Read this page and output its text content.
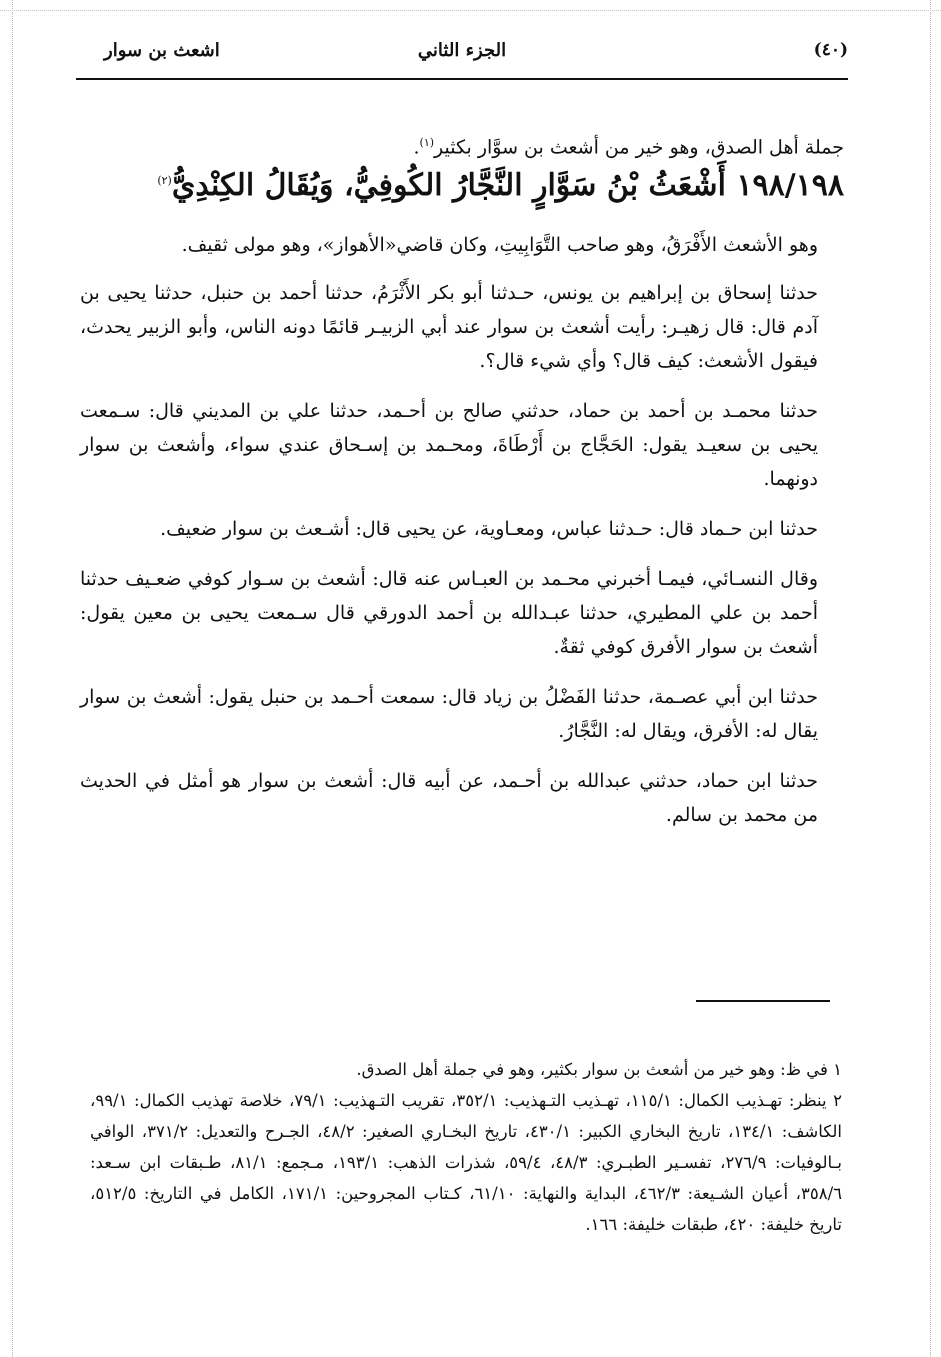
(٤٠)
الجزء الثاني
اشعث بن سوار

جملة أهل الصدق، وهو خير من أشعث بن سوَّار بكثير$^{(١)}$.

١٩٨/١٩٨ أَشْعَثُ بْنُ سَوَّارٍ النَّجَّارُ الكُوفِيُّ، وَيُقَالُ الكِنْدِيُّ$^{(٢)}$

وهو الأشعث الأَفْرَقُ، وهو صاحب التَّوَابِيتِ، وكان قاضي«الأهواز»، وهو مولى ثقيف.

حدثنا إسحاق بن إبراهيم بن يونس، حـدثنا أبو بكر الأَثْرَمُ، حدثنا أحمد بن حنبل، حدثنا يحيى بن آدم قال: قال زهيـر: رأيت أشعث بن سوار عند أبي الزبيـر قائمًا دونه الناس، وأبو الزبير يحدث، فيقول الأشعث: كيف قال؟ وأي شيء قال؟.

حدثنا محمـد بن أحمد بن حماد، حدثني صالح بن أحـمد، حدثنا علي بن المديني قال: سـمعت يحيى بن سعيـد يقول: الحَجَّاج بن أَرْطَاةَ، ومحـمد بن إسـحاق عندي سواء، وأشعث بن سوار دونهما.

حدثنا ابن حـماد قال: حـدثنا عباس، ومعـاوية، عن يحيى قال: أشـعث بن سوار ضعيف.

وقال النسـائي، فيمـا أخبرني محـمد بن العبـاس عنه قال: أشعث بن سـوار كوفي ضعـيف حدثنا أحمد بن علي المطيري، حدثنا عبـدالله بن أحمد الدورقي قال سـمعت يحيى بن معين يقول: أشعث بن سوار الأفرق كوفي ثقةٌ.

حدثنا ابن أبي عصـمة، حدثنا الفَضْلُ بن زياد قال: سمعت أحـمد بن حنبل يقول: أشعث بن سوار يقال له: الأفرق، ويقال له: النَّجَّارُ.

حدثنا ابن حماد، حدثني عبدالله بن أحـمد، عن أبيه قال: أشعث بن سوار هو أمثل في الحديث من محمد بن سالم.

١ في ظ: وهو خير من أشعث بن سوار بكثير، وهو في جملة أهل الصدق.

٢ ينظر: تهـذيب الكمال: ١١٥/١، تهـذيب التـهذيب: ٣٥٢/١، تقريب التـهذيب: ٧٩/١، خلاصة تهذيب الكمال: ٩٩/١، الكاشف: ١٣٤/١، تاريخ البخاري الكبير: ٤٣٠/١، تاريخ البخـاري الصغير: ٤٨/٢، الجـرح والتعديل: ٣٧١/٢، الوافي بـالوفيات: ٢٧٦/٩، تفسـير الطبـري: ٤٨/٣، ٥٩/٤، شذرات الذهب: ١٩٣/١، مـجمع: ٨١/١، طـبقات ابن سـعد: ٣٥٨/٦، أعيان الشـيعة: ٤٦٢/٣، البداية والنهاية: ٦١/١٠، كـتاب المجروحين: ١٧١/١، الكامل في التاريخ: ٥١٢/٥، تاريخ خليفة: ٤٢٠، طبقات خليفة: ١٦٦.
